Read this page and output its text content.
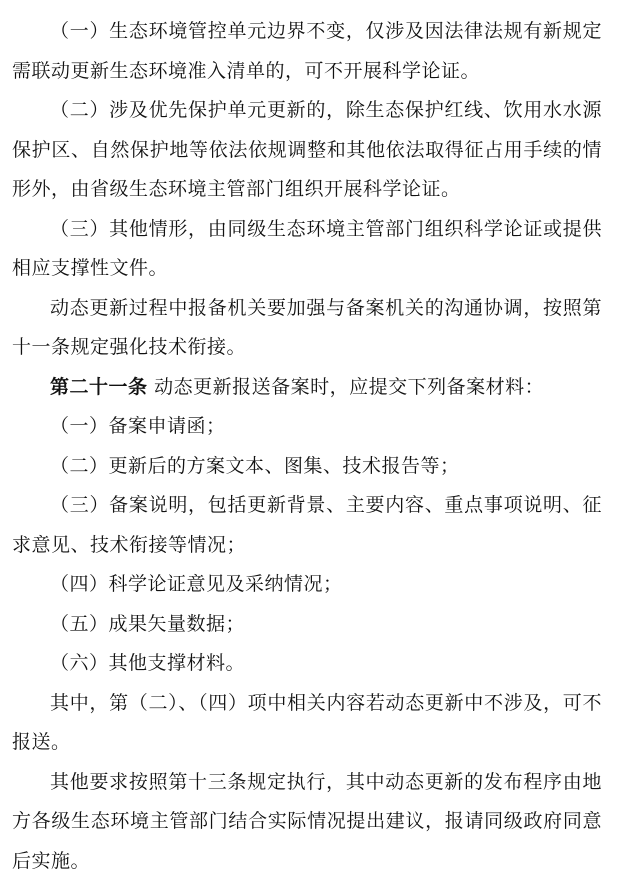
（一）生态环境管控单元边界不变，仅涉及因法律法规有新规定需联动更新生态环境准入清单的，可不开展科学论证。

（二）涉及优先保护单元更新的，除生态保护红线、饮用水水源保护区、自然保护地等依法依规调整和其他依法取得征占用手续的情形外，由省级生态环境主管部门组织开展科学论证。

（三）其他情形，由同级生态环境主管部门组织科学论证或提供相应支撑性文件。

动态更新过程中报备机关要加强与备案机关的沟通协调，按照第十一条规定强化技术衔接。

第二十一条 动态更新报送备案时，应提交下列备案材料：

（一）备案申请函；

（二）更新后的方案文本、图集、技术报告等；

（三）备案说明，包括更新背景、主要内容、重点事项说明、征求意见、技术衔接等情况；

（四）科学论证意见及采纳情况；

（五）成果矢量数据；

（六）其他支撑材料。

其中，第（二）、（四）项中相关内容若动态更新中不涉及，可不报送。

其他要求按照第十三条规定执行，其中动态更新的发布程序由地方各级生态环境主管部门结合实际情况提出建议，报请同级政府同意后实施。
